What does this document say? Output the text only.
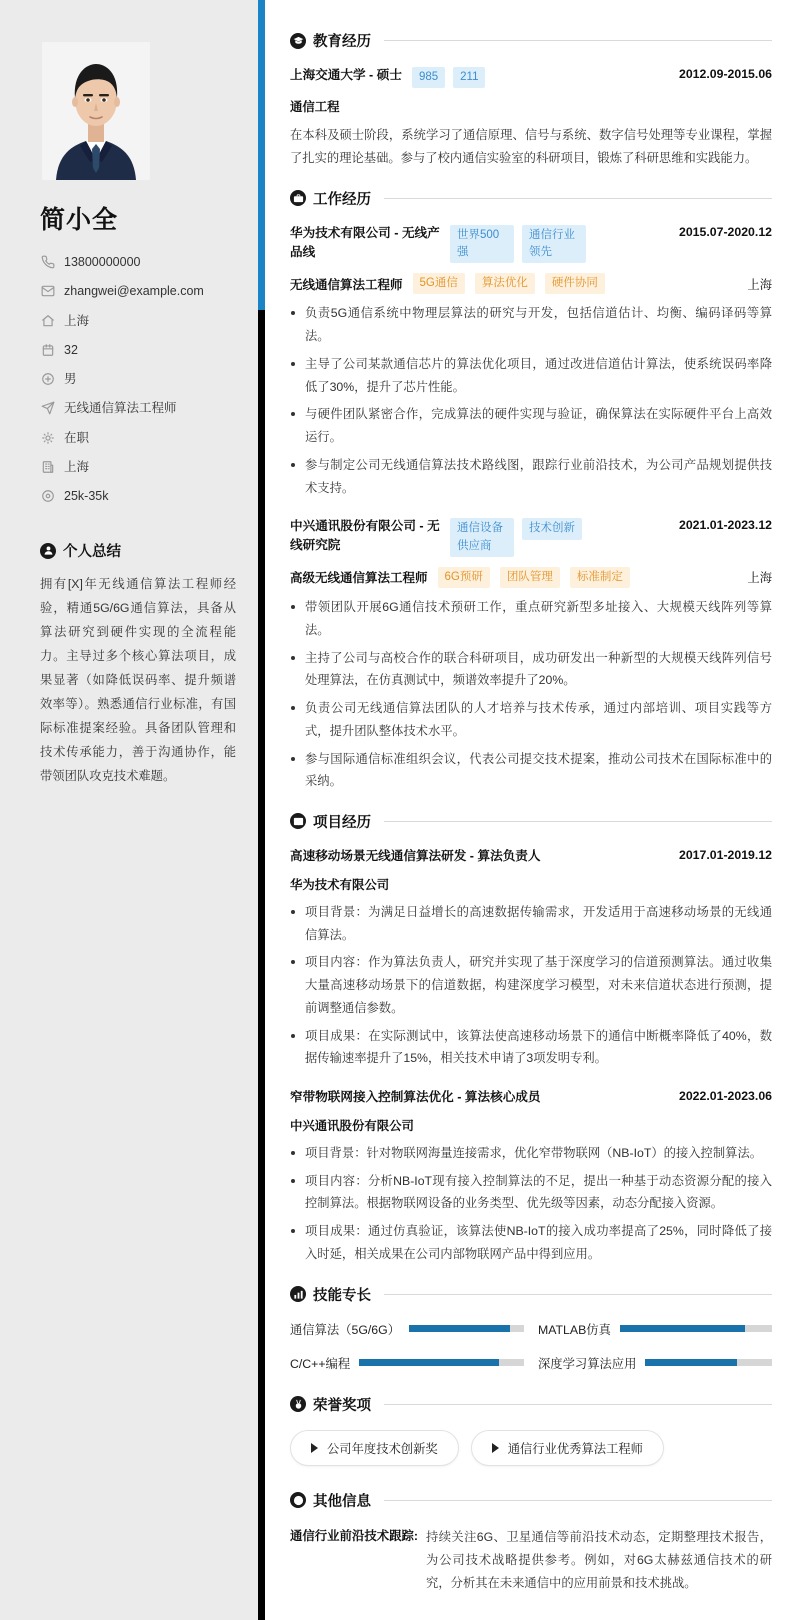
简小全
13800000000
zhangwei@example.com
上海
32
男
无线通信算法工程师
在职
上海
25k-35k
个人总结

拥有[X]年无线通信算法工程师经验，精通5G/6G通信算法，具备从算法研究到硬件实现的全流程能力。主导过多个核心算法项目，成果显著（如降低误码率、提升频谱效率等）。熟悉通信行业标准，有国际标准提案经验。具备团队管理和技术传承能力，善于沟通协作，能带领团队攻克技术难题。

教育经历
上海交通大学 - 硕士	985	211	2012.09-2015.06
通信工程

在本科及硕士阶段，系统学习了通信原理、信号与系统、数字信号处理等专业课程，掌握了扎实的理论基础。参与了校内通信实验室的科研项目，锻炼了科研思维和实践能力。

工作经历
华为技术有限公司 - 无线产品线
世界500强
通信行业领先
2015.07-2020.12
无线通信算法工程师	5G通信	算法优化	硬件协同	上海
负责5G通信系统中物理层算法的研究与开发，包括信道估计、均衡、编码译码等算法。
主导了公司某款通信芯片的算法优化项目，通过改进信道估计算法，使系统误码率降低了30%，提升了芯片性能。
与硬件团队紧密合作，完成算法的硬件实现与验证，确保算法在实际硬件平台上高效运行。
参与制定公司无线通信算法技术路线图，跟踪行业前沿技术，为公司产品规划提供技术支持。
中兴通讯股份有限公司 - 无线研究院
通信设备供应商
技术创新	2021.01-2023.12
高级无线通信算法工程师	6G预研	团队管理	标准制定	上海
带领团队开展6G通信技术预研工作，重点研究新型多址接入、大规模天线阵列等算法。
主持了公司与高校合作的联合科研项目，成功研发出一种新型的大规模天线阵列信号处理算法，在仿真测试中，频谱效率提升了20%。
负责公司无线通信算法团队的人才培养与技术传承，通过内部培训、项目实践等方式，提升团队整体技术水平。
参与国际通信标准组织会议，代表公司提交技术提案，推动公司技术在国际标准中的采纳。
项目经历
高速移动场景无线通信算法研发 - 算法负责人	2017.01-2019.12
华为技术有限公司
项目背景：为满足日益增长的高速数据传输需求，开发适用于高速移动场景的无线通信算法。
项目内容：作为算法负责人，研究并实现了基于深度学习的信道预测算法。通过收集大量高速移动场景下的信道数据，构建深度学习模型，对未来信道状态进行预测，提前调整通信参数。
项目成果：在实际测试中，该算法使高速移动场景下的通信中断概率降低了40%，数据传输速率提升了15%，相关技术申请了3项发明专利。
窄带物联网接入控制算法优化 - 算法核心成员	2022.01-2023.06
中兴通讯股份有限公司
项目背景：针对物联网海量连接需求，优化窄带物联网（NB-IoT）的接入控制算法。
项目内容：分析NB-IoT现有接入控制算法的不足，提出一种基于动态资源分配的接入控制算法。根据物联网设备的业务类型、优先级等因素，动态分配接入资源。
项目成果：通过仿真验证，该算法使NB-IoT的接入成功率提高了25%，同时降低了接入时延，相关成果在公司内部物联网产品中得到应用。
技能专长
通信算法（5G/6G）	MATLAB仿真
C/C++编程	深度学习算法应用
荣誉奖项
公司年度技术创新奖	通信行业优秀算法工程师
其他信息
通信行业前沿技术跟踪: 持续关注6G、卫星通信等前沿技术动态，定期整理技术报告，为公司技术战略提供参考。例如，对6G太赫兹通信技术的研究，分析其在未来通信中的应用前景和技术挑战。
